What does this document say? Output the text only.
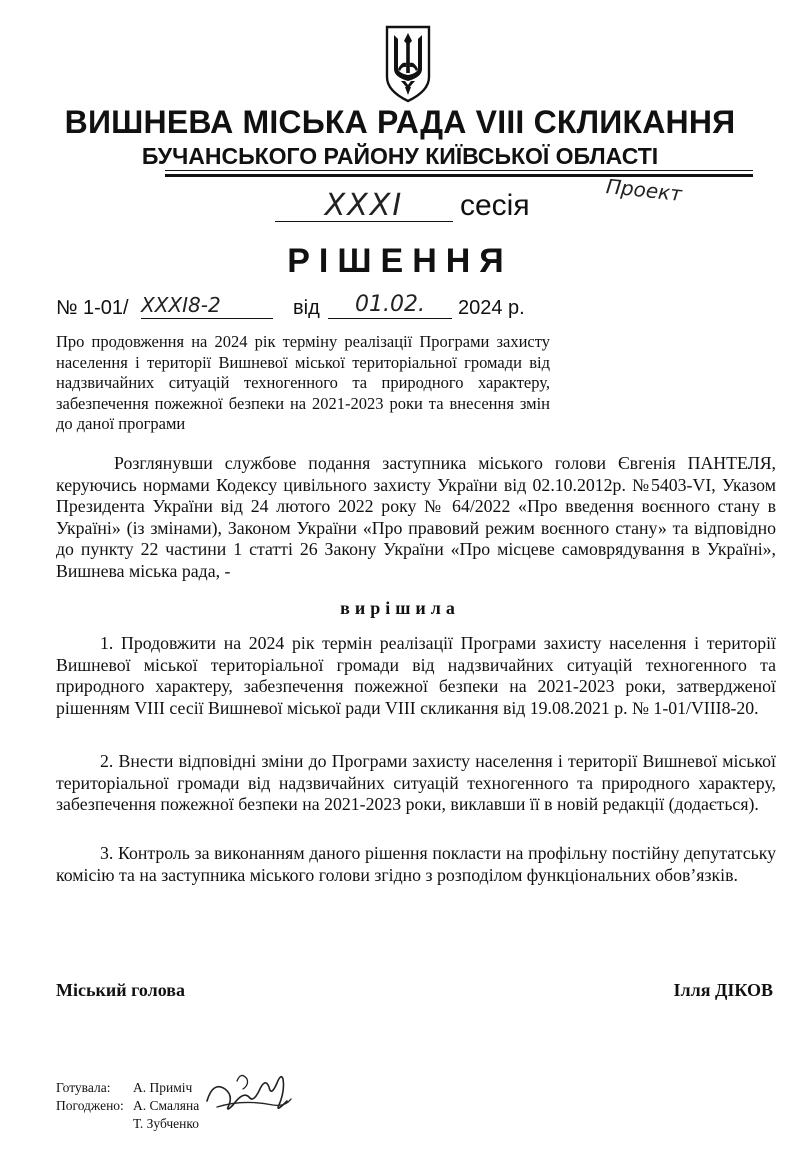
ВИШНЕВА МІСЬКА РАДА VIII СКЛИКАННЯ
БУЧАНСЬКОГО РАЙОНУ КИЇВСЬКОЇ ОБЛАСТІ
XXXI	сесія	Проект
РІШЕННЯ
№ 1-01/ XXXI8-2	від	01.02.	2024 р.
Про продовження на 2024 рік терміну реалізації Програми захисту населення і території Вишневої міської територіальної громади від надзвичайних ситуацій техногенного та природного характеру, забезпечення пожежної безпеки на 2021-2023 роки та внесення змін до даної програми
Розглянувши службове подання заступника міського голови Євгенія ПАНТЕЛЯ, керуючись нормами Кодексу цивільного захисту України від 02.10.2012р. №5403-VI, Указом Президента України від 24 лютого 2022 року № 64/2022 «Про введення воєнного стану в Україні» (із змінами), Законом України «Про правовий режим воєнного стану» та відповідно до пункту 22 частини 1 статті 26 Закону України «Про місцеве самоврядування в Україні», Вишнева міська рада, -
вирішила
1. Продовжити на 2024 рік термін реалізації Програми захисту населення і території Вишневої міської територіальної громади від надзвичайних ситуацій техногенного та природного характеру, забезпечення пожежної безпеки на 2021-2023 роки, затвердженої рішенням VIII сесії Вишневої міської ради VIII скликання від 19.08.2021 р. № 1-01/VIII8-20.
2. Внести відповідні зміни до Програми захисту населення і території Вишневої міської територіальної громади від надзвичайних ситуацій техногенного та природного характеру, забезпечення пожежної безпеки на 2021-2023 роки, виклавши її в новій редакції (додається).
3. Контроль за виконанням даного рішення покласти на профільну постійну депутатську комісію та на заступника міського голови згідно з розподілом функціональних обов’язків.
Міський голова	Ілля ДІКОВ
Готувала: А. Приміч
Погоджено: А. Смаляна
Т. Зубченко
